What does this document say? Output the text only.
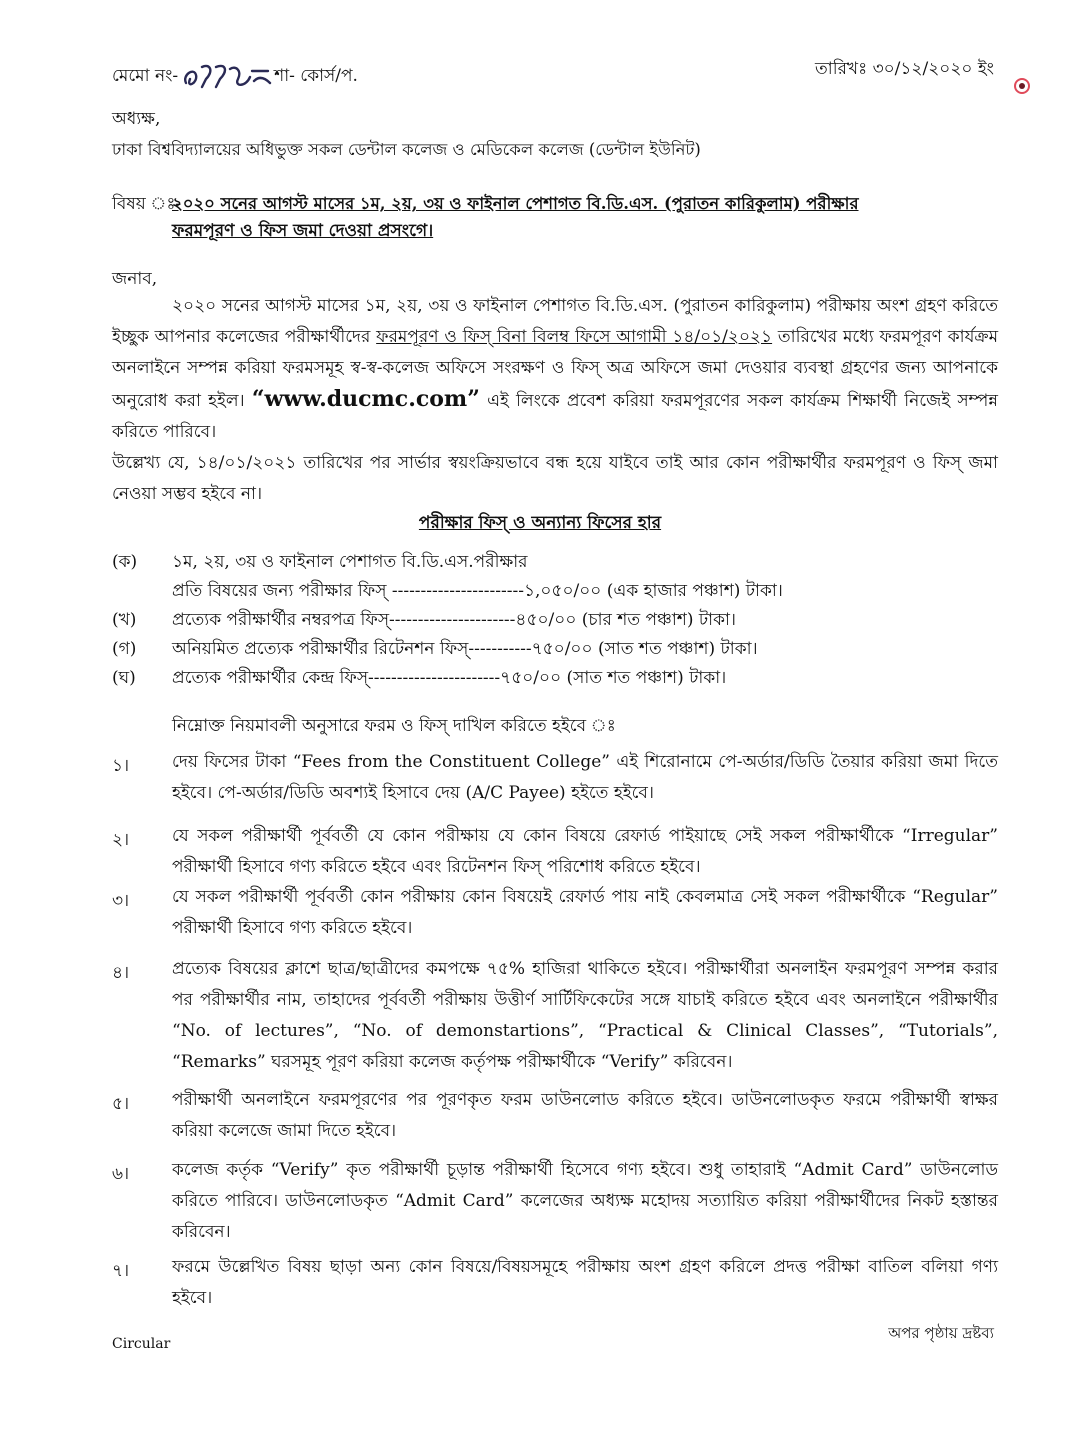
মেমো নং-	শা- কোর্স/প.	তারিখঃ ৩০/১২/২০২০ ইং
অধ্যক্ষ,
ঢাকা বিশ্ববিদ্যালয়ের অধিভুক্ত সকল ডেন্টাল কলেজ ও মেডিকেল কলেজ (ডেন্টাল ইউনিট)
বিষয় ঃ-
২০২০ সনের আগস্ট মাসের ১ম, ২য়, ৩য় ও ফাইনাল পেশাগত বি.ডি.এস. (পুরাতন কারিকুলাম) পরীক্ষার
ফরমপূরণ ও ফিস জমা দেওয়া প্রসংগে।
জনাব,
২০২০ সনের আগস্ট মাসের ১ম, ২য়, ৩য় ও ফাইনাল পেশাগত বি.ডি.এস. (পুরাতন কারিকুলাম) পরীক্ষায় অংশ গ্রহণ করিতে ইচ্ছুক আপনার কলেজের পরীক্ষার্থীদের ফরমপূরণ ও ফিস্ বিনা বিলম্ব ফিসে আগামী ১৪/০১/২০২১ তারিখের মধ্যে ফরমপূরণ কার্যক্রম অনলাইনে সম্পন্ন করিয়া ফরমসমূহ স্ব-স্ব-কলেজ অফিসে সংরক্ষণ ও ফিস্ অত্র অফিসে জমা দেওয়ার ব্যবস্থা গ্রহণের জন্য আপনাকে অনুরোধ করা হইল। “www.ducmc.com” এই লিংকে প্রবেশ করিয়া ফরমপূরণের সকল কার্যক্রম শিক্ষার্থী নিজেই সম্পন্ন করিতে পারিবে।
উল্লেখ্য যে, ১৪/০১/২০২১ তারিখের পর সার্ভার স্বয়ংক্রিয়ভাবে বন্ধ হয়ে যাইবে তাই আর কোন পরীক্ষার্থীর ফরমপূরণ ও ফিস্ জমা নেওয়া সম্ভব হইবে না।
পরীক্ষার ফিস্ ও অন্যান্য ফিসের হার
(ক) ১ম, ২য়, ৩য় ও ফাইনাল পেশাগত বি.ডি.এস.পরীক্ষার
প্রতি বিষয়ের জন্য পরীক্ষার ফিস্ -----------------------১,০৫০/০০ (এক হাজার পঞ্চাশ) টাকা।
(খ) প্রত্যেক পরীক্ষার্থীর নম্বরপত্র ফিস্----------------------৪৫০/০০ (চার শত পঞ্চাশ) টাকা।
(গ) অনিয়মিত প্রত্যেক পরীক্ষার্থীর রিটেনশন ফিস্-----------৭৫০/০০ (সাত শত পঞ্চাশ) টাকা।
(ঘ) প্রত্যেক পরীক্ষার্থীর কেন্দ্র ফিস্-----------------------৭৫০/০০ (সাত শত পঞ্চাশ) টাকা।
নিম্নোক্ত নিয়মাবলী অনুসারে ফরম ও ফিস্ দাখিল করিতে হইবে ঃ
১।	দেয় ফিসের টাকা “Fees from the Constituent College” এই শিরোনামে পে-অর্ডার/ডিডি তৈয়ার করিয়া জমা দিতে হইবে। পে-অর্ডার/ডিডি অবশ্যই হিসাবে দেয় (A/C Payee) হইতে হইবে।
২।	যে সকল পরীক্ষার্থী পূর্ববর্তী যে কোন পরীক্ষায় যে কোন বিষয়ে রেফার্ড পাইয়াছে সেই সকল পরীক্ষার্থীকে “Irregular” পরীক্ষার্থী হিসাবে গণ্য করিতে হইবে এবং রিটেনশন ফিস্ পরিশোধ করিতে হইবে।
৩।	যে সকল পরীক্ষার্থী পূর্ববর্তী কোন পরীক্ষায় কোন বিষয়েই রেফার্ড পায় নাই কেবলমাত্র সেই সকল পরীক্ষার্থীকে “Regular” পরীক্ষার্থী হিসাবে গণ্য করিতে হইবে।
৪।	প্রত্যেক বিষয়ের ক্লাশে ছাত্র/ছাত্রীদের কমপক্ষে ৭৫% হাজিরা থাকিতে হইবে। পরীক্ষার্থীরা অনলাইন ফরমপূরণ সম্পন্ন করার পর পরীক্ষার্থীর নাম, তাহাদের পূর্ববর্তী পরীক্ষায় উত্তীর্ণ সার্টিফিকেটের সঙ্গে যাচাই করিতে হইবে এবং অনলাইনে পরীক্ষার্থীর “No. of lectures”, “No. of demonstartions”, “Practical & Clinical Classes”, “Tutorials”, “Remarks” ঘরসমূহ পূরণ করিয়া কলেজ কর্তৃপক্ষ পরীক্ষার্থীকে “Verify” করিবেন।
৫।	পরীক্ষার্থী অনলাইনে ফরমপূরণের পর পূরণকৃত ফরম ডাউনলোড করিতে হইবে। ডাউনলোডকৃত ফরমে পরীক্ষার্থী স্বাক্ষর করিয়া কলেজে জামা দিতে হইবে।
৬।	কলেজ কর্তৃক “Verify” কৃত পরীক্ষার্থী চূড়ান্ত পরীক্ষার্থী হিসেবে গণ্য হইবে। শুধু তাহারাই “Admit Card” ডাউনলোড করিতে পারিবে। ডাউনলোডকৃত “Admit Card” কলেজের অধ্যক্ষ মহোদয় সত্যায়িত করিয়া পরীক্ষার্থীদের নিকট হস্তান্তর করিবেন।
৭।	ফরমে উল্লেখিত বিষয় ছাড়া অন্য কোন বিষয়ে/বিষয়সমূহে পরীক্ষায় অংশ গ্রহণ করিলে প্রদত্ত পরীক্ষা বাতিল বলিয়া গণ্য হইবে।
অপর পৃষ্ঠায় দ্রষ্টব্য
Circular
